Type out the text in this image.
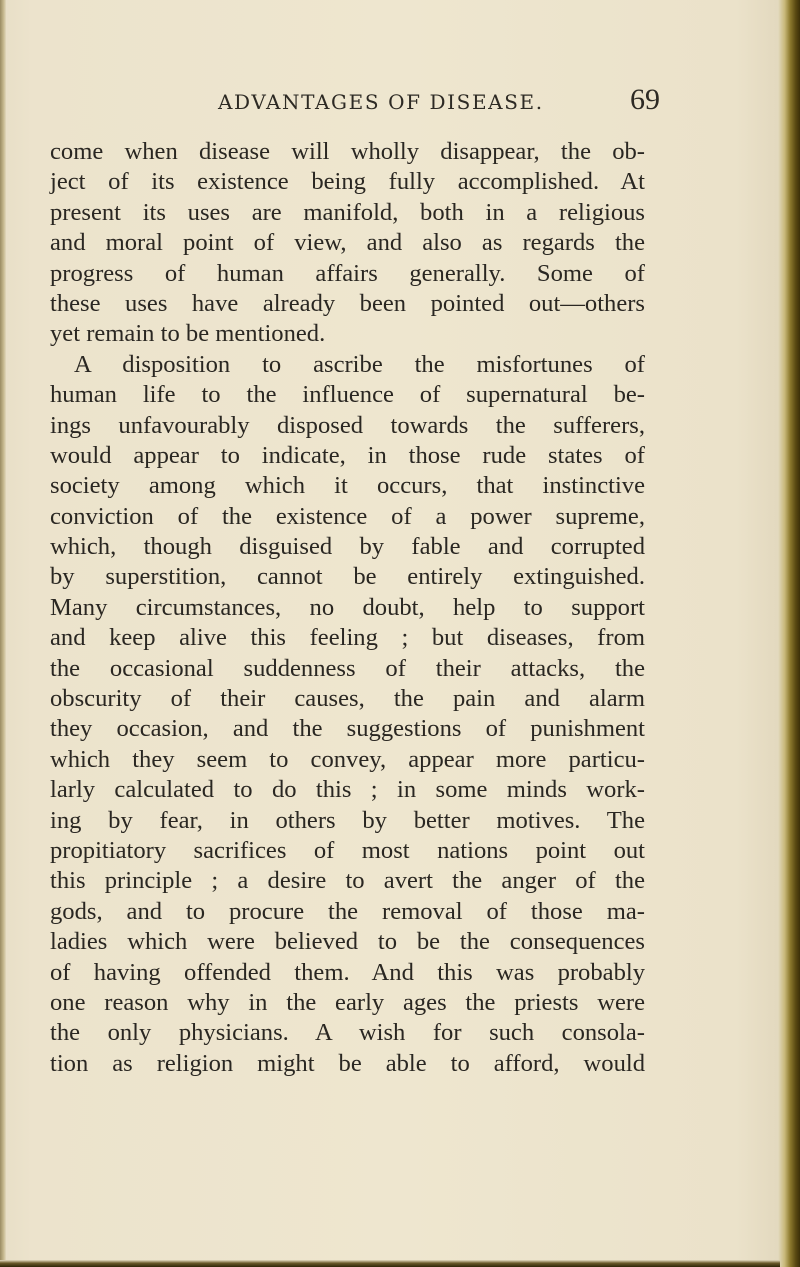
ADVANTAGES OF DISEASE.	69
come when disease will wholly disappear, the ob-
ject of its existence being fully accomplished. At
present its uses are manifold, both in a religious
and moral point of view, and also as regards the
progress of human affairs generally. Some of
these uses have already been pointed out—others
yet remain to be mentioned.
A disposition to ascribe the misfortunes of
human life to the influence of supernatural be-
ings unfavourably disposed towards the sufferers,
would appear to indicate, in those rude states of
society among which it occurs, that instinctive
conviction of the existence of a power supreme,
which, though disguised by fable and corrupted
by superstition, cannot be entirely extinguished.
Many circumstances, no doubt, help to support
and keep alive this feeling ; but diseases, from
the occasional suddenness of their attacks, the
obscurity of their causes, the pain and alarm
they occasion, and the suggestions of punishment
which they seem to convey, appear more particu-
larly calculated to do this ; in some minds work-
ing by fear, in others by better motives. The
propitiatory sacrifices of most nations point out
this principle ; a desire to avert the anger of the
gods, and to procure the removal of those ma-
ladies which were believed to be the consequences
of having offended them. And this was probably
one reason why in the early ages the priests were
the only physicians. A wish for such consola-
tion as religion might be able to afford, would
